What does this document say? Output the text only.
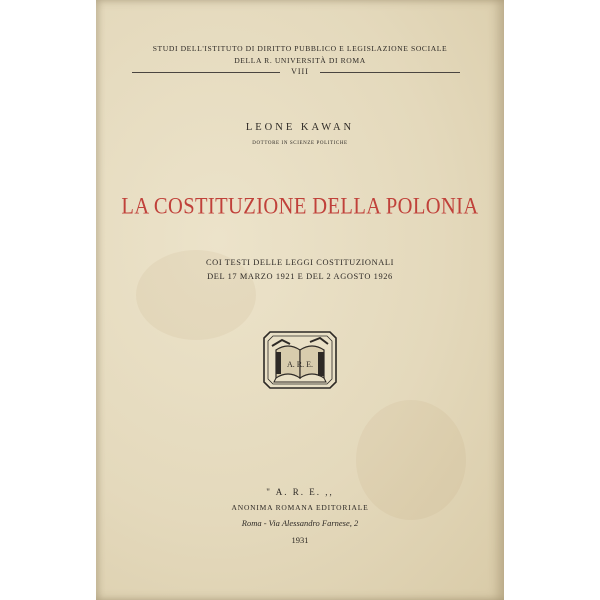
STUDI DELL'ISTITUTO DI DIRITTO PUBBLICO E LEGISLAZIONE SOCIALE
DELLA R. UNIVERSITÀ DI ROMA
VIII
LEONE KAWAN
DOTTORE IN SCIENZE POLITICHE
LA COSTITUZIONE DELLA POLONIA
COI TESTI DELLE LEGGI COSTITUZIONALI
DEL 17 MARZO 1921 E DEL 2 AGOSTO 1926
A. R. E.
" A. R. E. ,,
ANONIMA ROMANA EDITORIALE
Roma - Via Alessandro Farnese, 2
1931
